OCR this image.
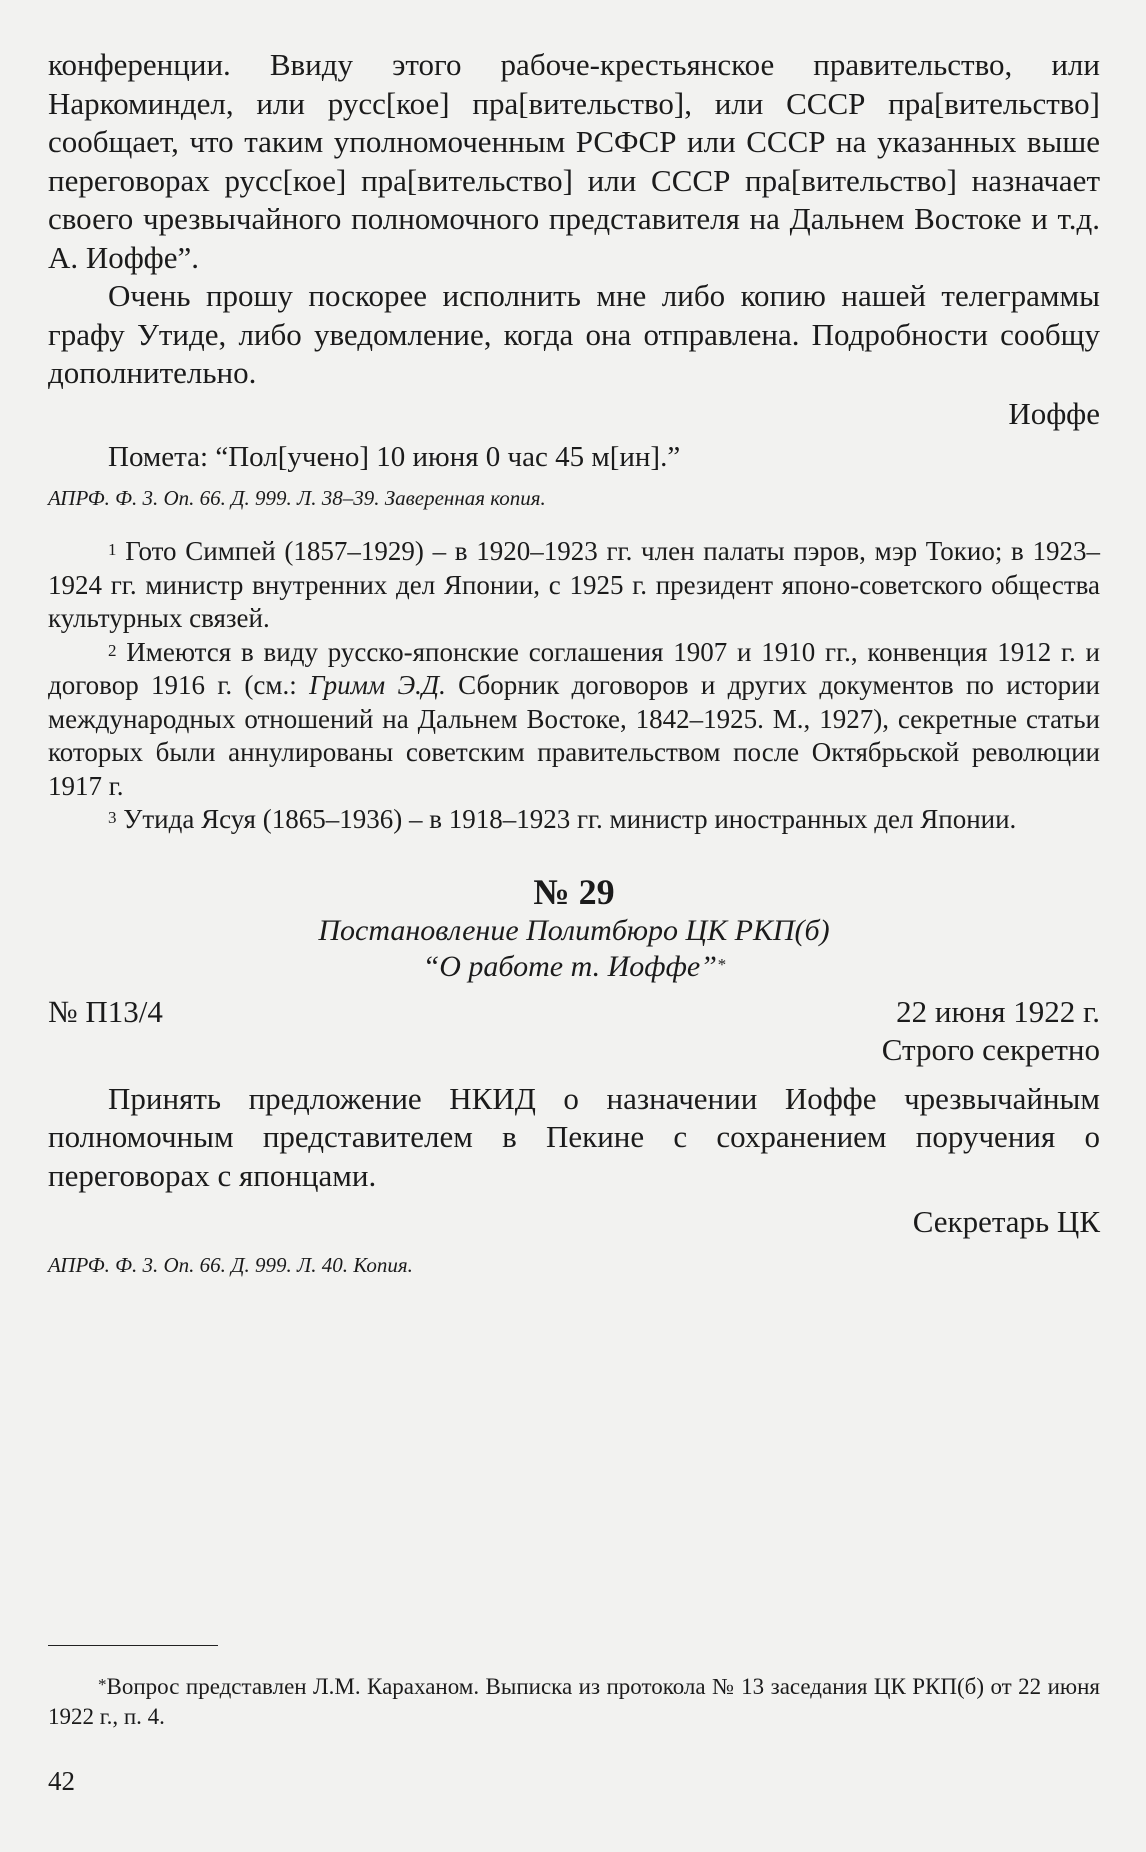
конференции. Ввиду этого рабоче-крестьянское правительство, или Наркоминдел, или русс[кое] пра[вительство], или СССР пра[вительство] сообщает, что таким уполномоченным РСФСР или СССР на указанных выше переговорах русс[кое] пра[вительство] или СССР пра[вительство] назначает своего чрезвычайного полномочного представителя на Дальнем Востоке и т.д. А. Иоффе”.

Очень прошу поскорее исполнить мне либо копию нашей телеграммы графу Утиде, либо уведомление, когда она отправлена. Подробности сообщу дополнительно.

Иоффе

Помета: “Пол[учено] 10 июня 0 час 45 м[ин].”

АПРФ. Ф. 3. Оп. 66. Д. 999. Л. 38–39. Заверенная копия.

$^1$ Гото Симпей (1857–1929) – в 1920–1923 гг. член палаты пэров, мэр Токио; в 1923–1924 гг. министр внутренних дел Японии, с 1925 г. президент японо-советского общества культурных связей.

$^2$ Имеются в виду русско-японские соглашения 1907 и 1910 гг., конвенция 1912 г. и договор 1916 г. (см.: Гримм Э.Д. Сборник договоров и других документов по истории международных отношений на Дальнем Востоке, 1842–1925. М., 1927), секретные статьи которых были аннулированы советским правительством после Октябрьской революции 1917 г.

$^3$ Утида Ясуя (1865–1936) – в 1918–1923 гг. министр иностранных дел Японии.

№ 29

Постановление Политбюро ЦК РКП(б)

“О работе т. Иоффе”*

№ П13/4	22 июня 1922 г.

Строго секретно

Принять предложение НКИД о назначении Иоффе чрезвычайным полномочным представителем в Пекине с сохранением поручения о переговорах с японцами.

Секретарь ЦК

АПРФ. Ф. 3. Оп. 66. Д. 999. Л. 40. Копия.

*Вопрос представлен Л.М. Караханом. Выписка из протокола № 13 заседания ЦК РКП(б) от 22 июня 1922 г., п. 4.

42
